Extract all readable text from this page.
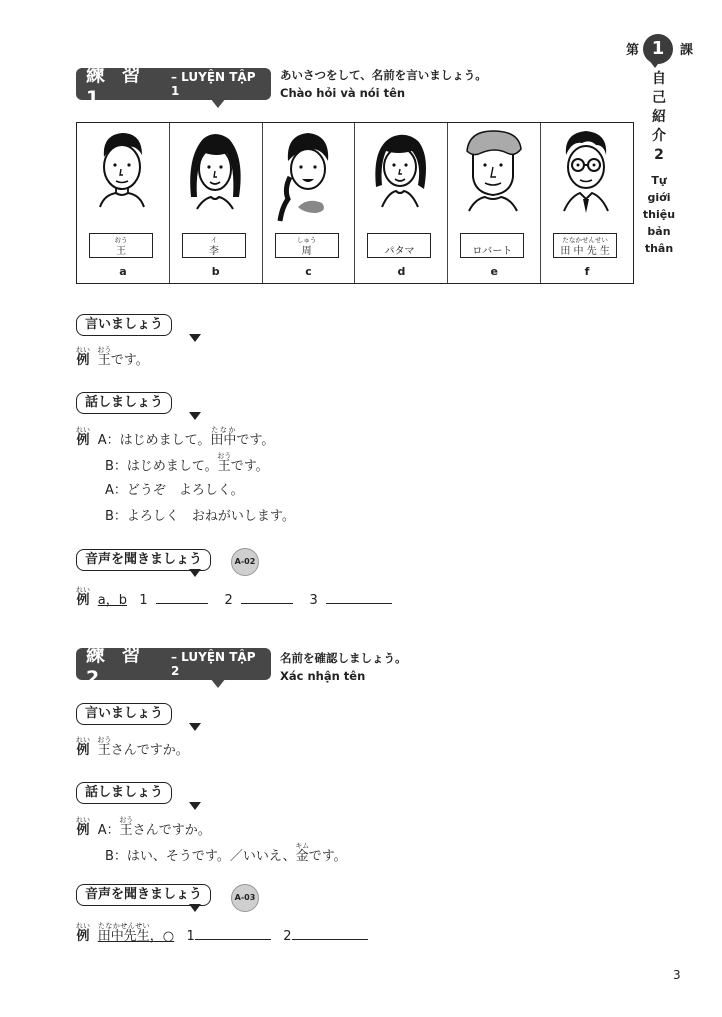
第 1	課
自
己
紹
介
2
Tự
giới
thiệu
bản
thân
練 習 1
– LUYỆN TẬP 1
あいさつをして、名前を言いましょう。
Chào hỏi và nói tên
おう
王
a
イ
李
b
しゅう
周
c
パタマ
d
ロバート
e
たなかせんせい
田 中 先 生
f
言いましょう
例れい  王おうです。
話しましょう
例れい  A：はじめまして。田中たなかです。
B：はじめまして。王おうです。
A：どうぞ　よろしく。
B：よろしく　おねがいします。
音声を聞きましょう	A-02
例れい  a，b 1	2	3
練 習 2
– LUYỆN TẬP 2
名前を確認しましょう。
Xác nhận tên
言いましょう
例れい  王おうさんですか。
話しましょう
例れい  A：王おうさんですか。
B：はい、そうです。／いいえ、金キムです。
音声を聞きましょう	A-03
例れい  田中先生たなかせんせい，○ 1	2
3
